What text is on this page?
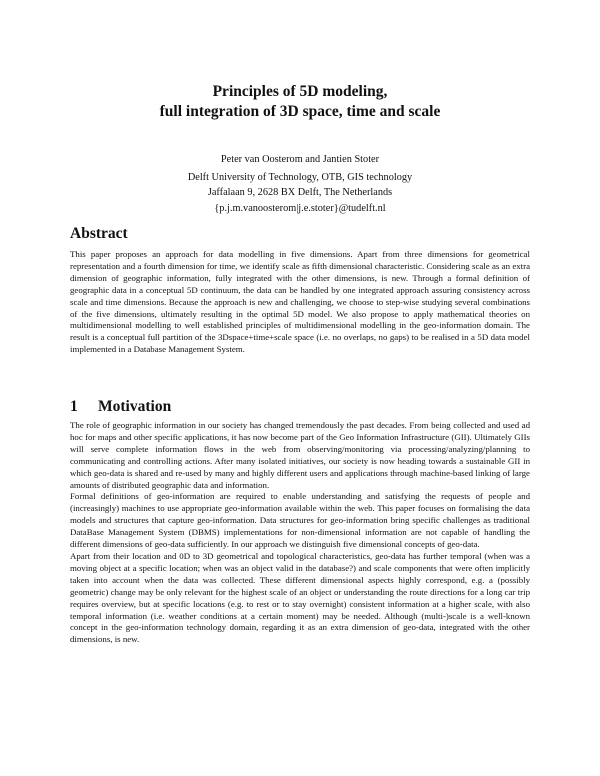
Principles of 5D modeling,
full integration of 3D space, time and scale
Peter van Oosterom and Jantien Stoter
Delft University of Technology, OTB, GIS technology
Jaffalaan 9, 2628 BX Delft, The Netherlands
{p.j.m.vanoosterom|j.e.stoter}@tudelft.nl
Abstract

This paper proposes an approach for data modelling in five dimensions. Apart from three dimensions for geometrical representation and a fourth dimension for time, we identify scale as fifth dimensional characteristic. Considering scale as an extra dimension of geographic information, fully integrated with the other dimensions, is new. Through a formal definition of geographic data in a conceptual 5D continuum, the data can be handled by one integrated approach assuring consistency across scale and time dimensions. Because the approach is new and challenging, we choose to step-wise studying several combinations of the five dimensions, ultimately resulting in the optimal 5D model. We also propose to apply mathematical theories on multidimensional modelling to well established principles of multidimensional modelling in the geo-information domain. The result is a conceptual full partition of the 3Dspace+time+scale space (i.e. no overlaps, no gaps) to be realised in a 5D data model implemented in a Database Management System.

1 Motivation

The role of geographic information in our society has changed tremendously the past decades. From being collected and used ad hoc for maps and other specific applications, it has now become part of the Geo Information Infrastructure (GII). Ultimately GIIs will serve complete information flows in the web from observing/monitoring via processing/analyzing/planning to communicating and controlling actions. After many isolated initiatives, our society is now heading towards a sustainable GII in which geo-data is shared and re-used by many and highly different users and applications through machine-based linking of large amounts of distributed geographic data and information.

Formal definitions of geo-information are required to enable understanding and satisfying the requests of people and (increasingly) machines to use appropriate geo-information available within the web. This paper focuses on formalising the data models and structures that capture geo-information. Data structures for geo-information bring specific challenges as traditional DataBase Management System (DBMS) implementations for non-dimensional information are not capable of handling the different dimensions of geo-data sufficiently. In our approach we distinguish five dimensional concepts of geo-data.

Apart from their location and 0D to 3D geometrical and topological characteristics, geo-data has further temporal (when was a moving object at a specific location; when was an object valid in the database?) and scale components that were often implicitly taken into account when the data was collected. These different dimensional aspects highly correspond, e.g. a (possibly geometric) change may be only relevant for the highest scale of an object or understanding the route directions for a long car trip requires overview, but at specific locations (e.g. to rest or to stay overnight) consistent information at a higher scale, with also temporal information (i.e. weather conditions at a certain moment) may be needed. Although (multi-)scale is a well-known concept in the geo-information technology domain, regarding it as an extra dimension of geo-data, integrated with the other dimensions, is new.
